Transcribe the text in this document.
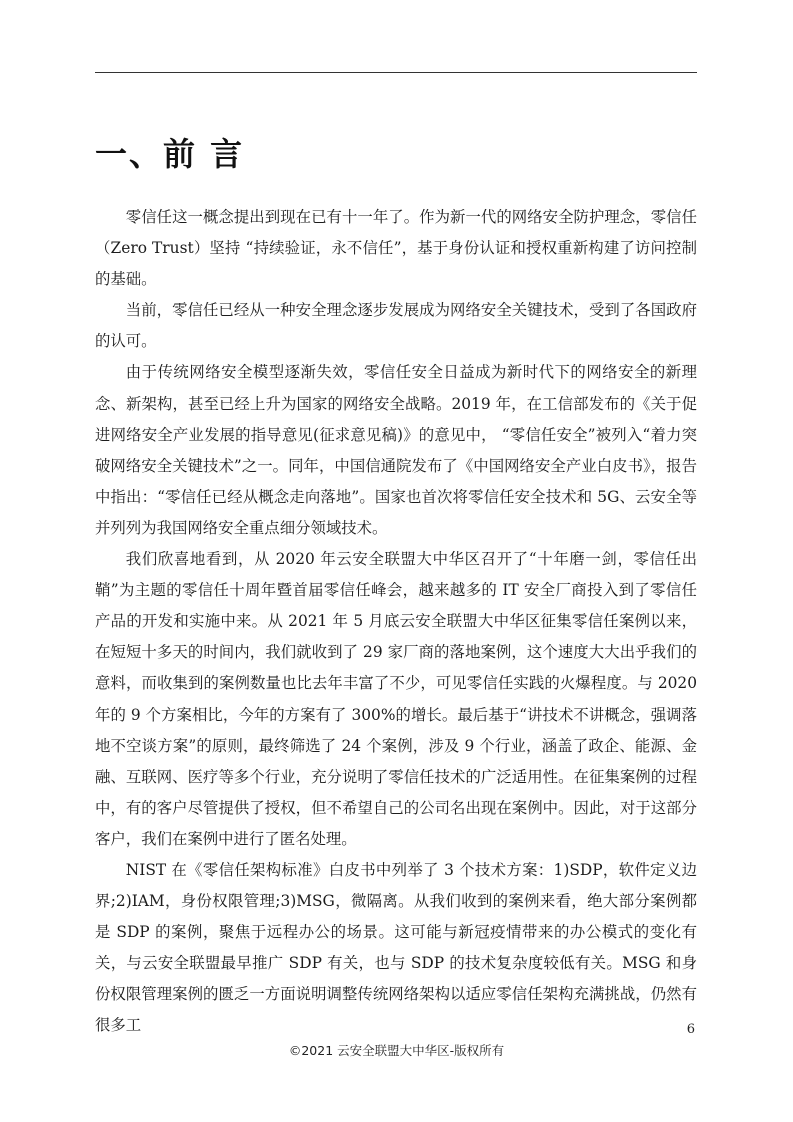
一、前 言

零信任这一概念提出到现在已有十一年了。作为新一代的网络安全防护理念，零信任（Zero Trust）坚持 “持续验证，永不信任”，基于身份认证和授权重新构建了访问控制的基础。

当前，零信任已经从一种安全理念逐步发展成为网络安全关键技术，受到了各国政府的认可。

由于传统网络安全模型逐渐失效，零信任安全日益成为新时代下的网络安全的新理念、新架构，甚至已经上升为国家的网络安全战略。2019 年，在工信部发布的《关于促进网络安全产业发展的指导意见(征求意见稿)》的意见中， “零信任安全”被列入“着力突破网络安全关键技术”之一。同年，中国信通院发布了《中国网络安全产业白皮书》，报告中指出：“零信任已经从概念走向落地”。国家也首次将零信任安全技术和 5G、云安全等并列列为我国网络安全重点细分领域技术。

我们欣喜地看到，从 2020 年云安全联盟大中华区召开了“十年磨一剑，零信任出鞘”为主题的零信任十周年暨首届零信任峰会，越来越多的 IT 安全厂商投入到了零信任产品的开发和实施中来。从 2021 年 5 月底云安全联盟大中华区征集零信任案例以来，在短短十多天的时间内，我们就收到了 29 家厂商的落地案例，这个速度大大出乎我们的意料，而收集到的案例数量也比去年丰富了不少，可见零信任实践的火爆程度。与 2020 年的 9 个方案相比，今年的方案有了 300%的增长。最后基于“讲技术不讲概念，强调落地不空谈方案”的原则，最终筛选了 24 个案例，涉及 9 个行业，涵盖了政企、能源、金融、互联网、医疗等多个行业，充分说明了零信任技术的广泛适用性。在征集案例的过程中，有的客户尽管提供了授权，但不希望自己的公司名出现在案例中。因此，对于这部分客户，我们在案例中进行了匿名处理。

NIST 在《零信任架构标准》白皮书中列举了 3 个技术方案：1)SDP，软件定义边界;2)IAM，身份权限管理;3)MSG，微隔离。从我们收到的案例来看，绝大部分案例都是 SDP 的案例，聚焦于远程办公的场景。这可能与新冠疫情带来的办公模式的变化有关，与云安全联盟最早推广 SDP 有关，也与 SDP 的技术复杂度较低有关。MSG 和身份权限管理案例的匮乏一方面说明调整传统网络架构以适应零信任架构充满挑战，仍然有很多工	6
©2021 云安全联盟大中华区-版权所有
